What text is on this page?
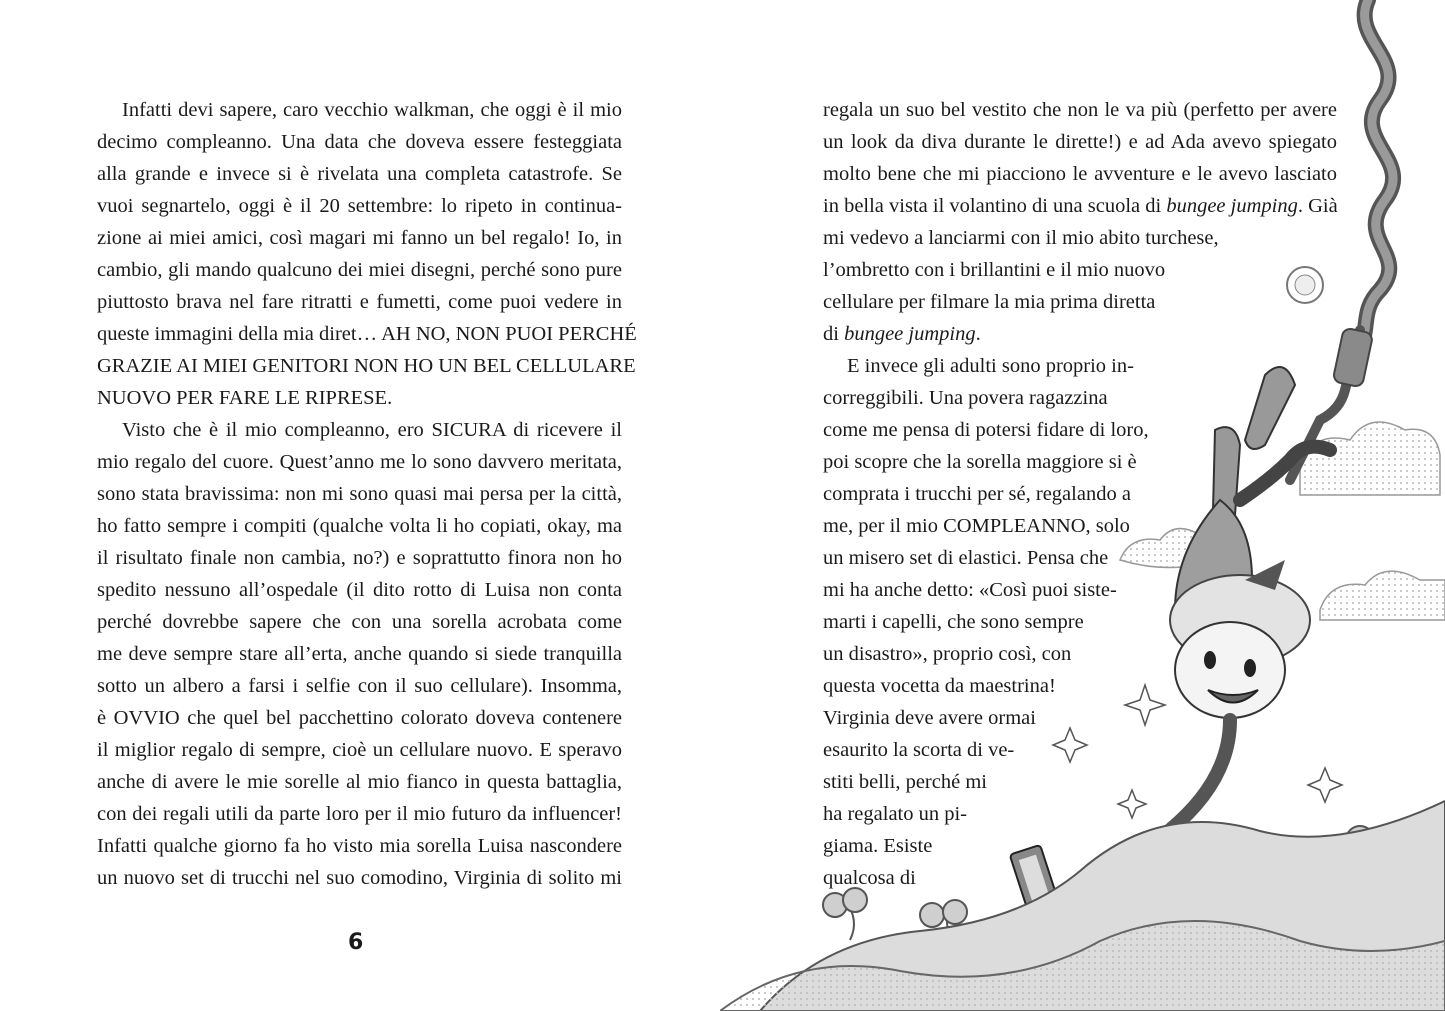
Infatti devi sapere, caro vecchio walkman, che oggi è il mio
decimo compleanno. Una data che doveva essere festeggiata
alla grande e invece si è rivelata una completa catastrofe. Se
vuoi segnartelo, oggi è il 20 settembre: lo ripeto in continua-
zione ai miei amici, così magari mi fanno un bel regalo! Io, in
cambio, gli mando qualcuno dei miei disegni, perché sono pure
piuttosto brava nel fare ritratti e fumetti, come puoi vedere in
queste immagini della mia diret… AH NO, NON PUOI PERCHÉ
GRAZIE AI MIEI GENITORI NON HO UN BEL CELLULARE
NUOVO PER FARE LE RIPRESE.
Visto che è il mio compleanno, ero SICURA di ricevere il
mio regalo del cuore. Quest’anno me lo sono davvero meritata,
sono stata bravissima: non mi sono quasi mai persa per la città,
ho fatto sempre i compiti (qualche volta li ho copiati, okay, ma
il risultato finale non cambia, no?) e soprattutto finora non ho
spedito nessuno all’ospedale (il dito rotto di Luisa non conta
perché dovrebbe sapere che con una sorella acrobata come
me deve sempre stare all’erta, anche quando si siede tranquilla
sotto un albero a farsi i selfie con il suo cellulare). Insomma,
è OVVIO che quel bel pacchettino colorato doveva contenere
il miglior regalo di sempre, cioè un cellulare nuovo. E speravo
anche di avere le mie sorelle al mio fianco in questa battaglia,
con dei regali utili da parte loro per il mio futuro da influencer!
Infatti qualche giorno fa ho visto mia sorella Luisa nascondere
un nuovo set di trucchi nel suo comodino, Virginia di solito mi
6
regala un suo bel vestito che non le va più (perfetto per avere
un look da diva durante le dirette!) e ad Ada avevo spiegato
molto bene che mi piacciono le avventure e le avevo lasciato
in bella vista il volantino di una scuola di bungee jumping. Già
mi vedevo a lanciarmi con il mio abito turchese,
l’ombretto con i brillantini e il mio nuovo
cellulare per filmare la mia prima diretta
di bungee jumping.
E invece gli adulti sono proprio in-
correggibili. Una povera ragazzina
come me pensa di potersi fidare di loro,
poi scopre che la sorella maggiore si è
comprata i trucchi per sé, regalando a
me, per il mio COMPLEANNO, solo
un misero set di elastici. Pensa che
mi ha anche detto: «Così puoi siste-
marti i capelli, che sono sempre
un disastro», proprio così, con
questa vocetta da maestrina!
Virginia deve avere ormai
esaurito la scorta di ve-
stiti belli, perché mi
ha regalato un pi-
giama. Esiste
qualcosa di
